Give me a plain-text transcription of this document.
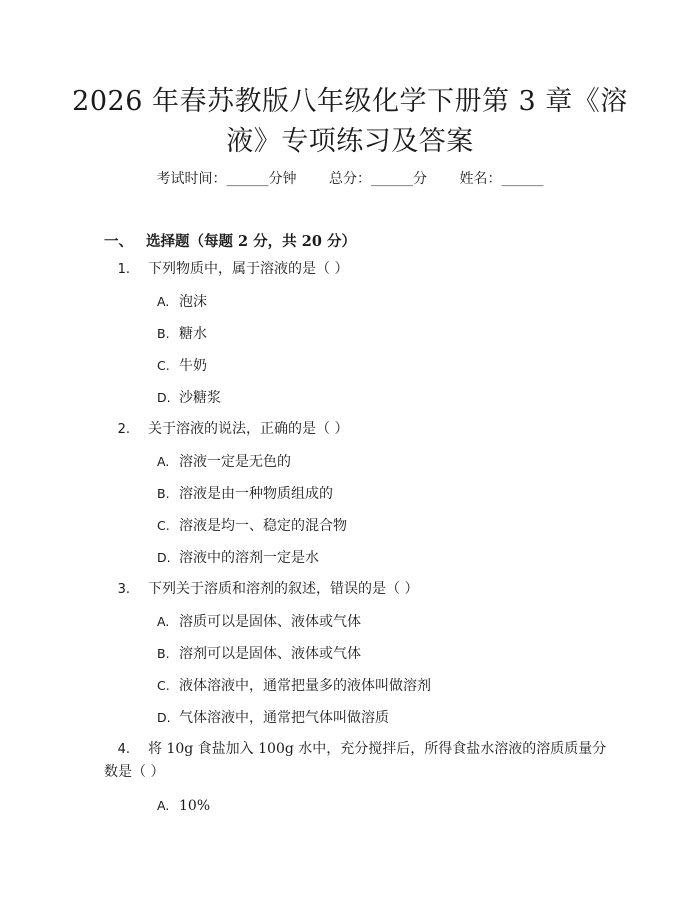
2026 年春苏教版八年级化学下册第 3 章《溶液》专项练习及答案
考试时间：______分钟 总分：______分 姓名：______
一、 选择题（每题 2 分，共 20 分）
1. 下列物质中，属于溶液的是（ ）
A. 泡沫
B. 糖水
C. 牛奶
D. 沙糖浆
2. 关于溶液的说法，正确的是（ ）
A. 溶液一定是无色的
B. 溶液是由一种物质组成的
C. 溶液是均一、稳定的混合物
D. 溶液中的溶剂一定是水
3. 下列关于溶质和溶剂的叙述，错误的是（ ）
A. 溶质可以是固体、液体或气体
B. 溶剂可以是固体、液体或气体
C. 液体溶液中，通常把量多的液体叫做溶剂
D. 气体溶液中，通常把气体叫做溶质
4. 将 10g 食盐加入 100g 水中，充分搅拌后，所得食盐水溶液的溶质质量分数是（ ）
A. 10%
